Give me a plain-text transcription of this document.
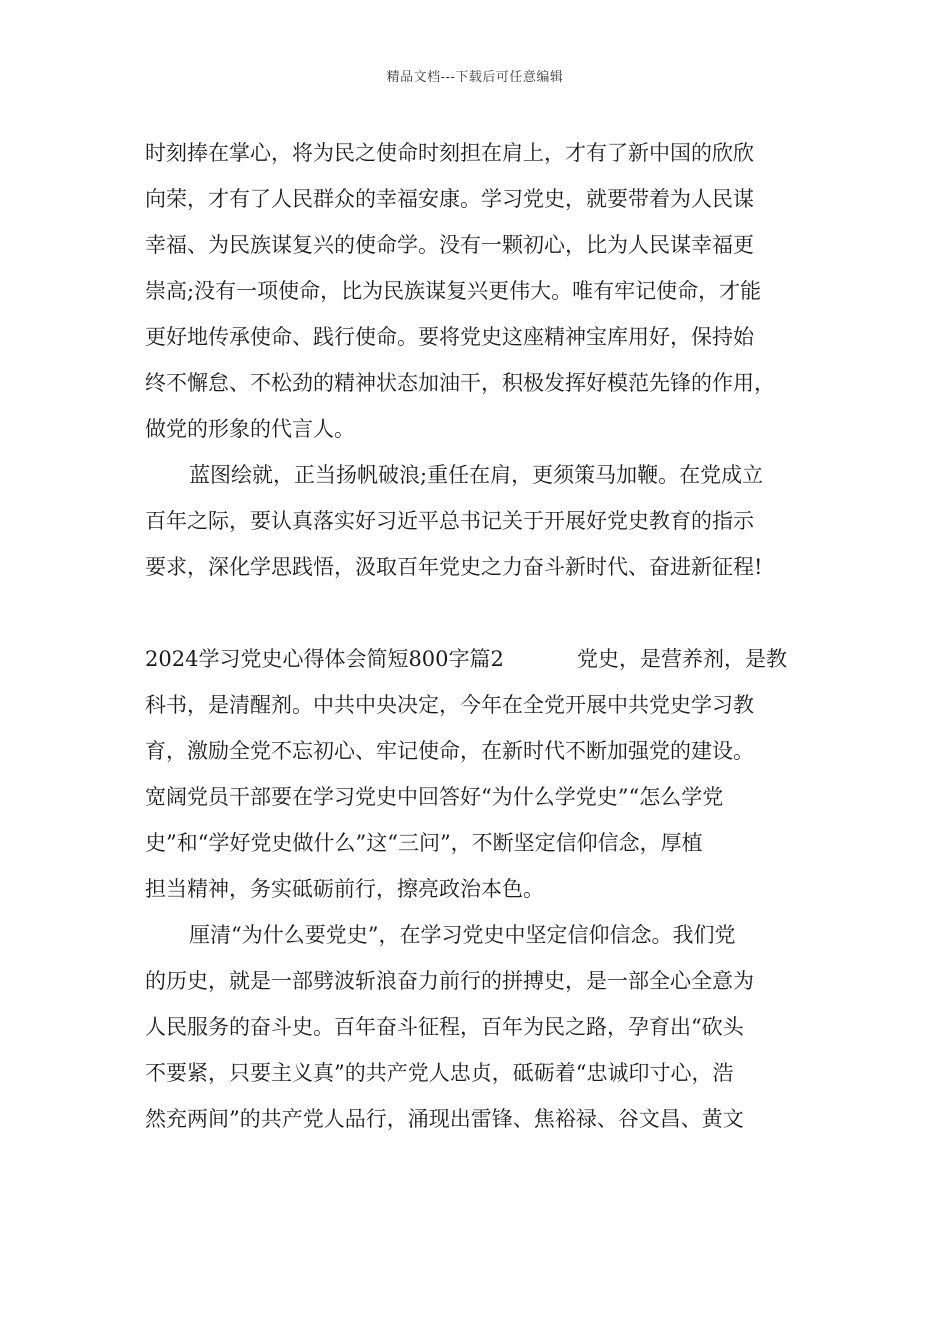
精品文档---下载后可任意编辑
时刻捧在掌心，将为民之使命时刻担在肩上，才有了新中国的欣欣
向荣，才有了人民群众的幸福安康。学习党史，就要带着为人民谋
幸福、为民族谋复兴的使命学。没有一颗初心，比为人民谋幸福更
崇高;没有一项使命，比为民族谋复兴更伟大。唯有牢记使命，才能
更好地传承使命、践行使命。要将党史这座精神宝库用好，保持始
终不懈怠、不松劲的精神状态加油干，积极发挥好模范先锋的作用，
做党的形象的代言人。
蓝图绘就，正当扬帆破浪;重任在肩，更须策马加鞭。在党成立
百年之际，要认真落实好习近平总书记关于开展好党史教育的指示
要求，深化学思践悟，汲取百年党史之力奋斗新时代、奋进新征程!
2024学习党史心得体会简短800字篇2	党史，是营养剂，是教
科书，是清醒剂。中共中央决定，今年在全党开展中共党史学习教
育，激励全党不忘初心、牢记使命，在新时代不断加强党的建设。
宽阔党员干部要在学习党史中回答好“为什么学党史”“怎么学党
史”和“学好党史做什么”这“三问”，不断坚定信仰信念，厚植
担当精神，务实砥砺前行，擦亮政治本色。
厘清“为什么要党史”，在学习党史中坚定信仰信念。我们党
的历史，就是一部劈波斩浪奋力前行的拼搏史，是一部全心全意为
人民服务的奋斗史。百年奋斗征程，百年为民之路，孕育出“砍头
不要紧，只要主义真”的共产党人忠贞，砥砺着“忠诚印寸心，浩
然充两间”的共产党人品行，涌现出雷锋、焦裕禄、谷文昌、黄文
